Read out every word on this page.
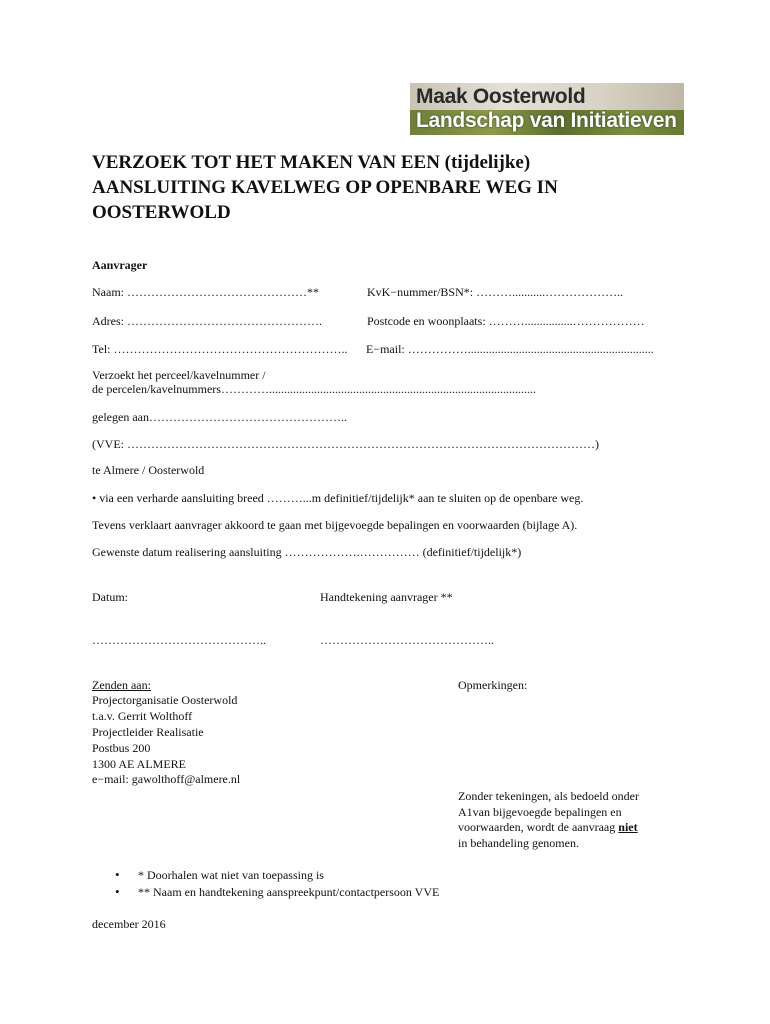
Maak Oosterwold
Landschap van Initiatieven
VERZOEK TOT HET MAKEN VAN EEN (tijdelijke)
AANSLUITING KAVELWEG OP OPENBARE WEG IN
OOSTERWOLD
Aanvrager
Naam: ………………………………………**	KvK−nummer/BSN*: ………...........………………..
Adres: ………………………………………….	Postcode en woonplaats: ………................………………
Tel: ………………………………………………….. E−mail: ……………..............................................................
Verzoekt het perceel/kavelnummer /
de percelen/kavelnummers………….........................................................................................
gelegen aan…………………………………………..
(VVE: ………………………………………………………………………………………………………)
te Almere / Oosterwold
• via een verharde aansluiting breed ………...m definitief/tijdelijk* aan te sluiten op de openbare weg.
Tevens verklaart aanvrager akkoord te gaan met bijgevoegde bepalingen en voorwaarden (bijlage A).
Gewenste datum realisering aansluiting ……………….…………… (definitief/tijdelijk*)
Datum:	Handtekening aanvrager **
……………………………………..	……………………………………..
Zenden aan:
Projectorganisatie Oosterwold
t.a.v. Gerrit Wolthoff
Projectleider Realisatie
Postbus 200
1300 AE ALMERE
e−mail: gawolthoff@almere.nl
Opmerkingen:
Zonder tekeningen, als bedoeld onder
A1van bijgevoegde bepalingen en
voorwaarden, wordt de aanvraag niet
in behandeling genomen.
• * Doorhalen wat niet van toepassing is
• ** Naam en handtekening aanspreekpunt/contactpersoon VVE
december 2016
